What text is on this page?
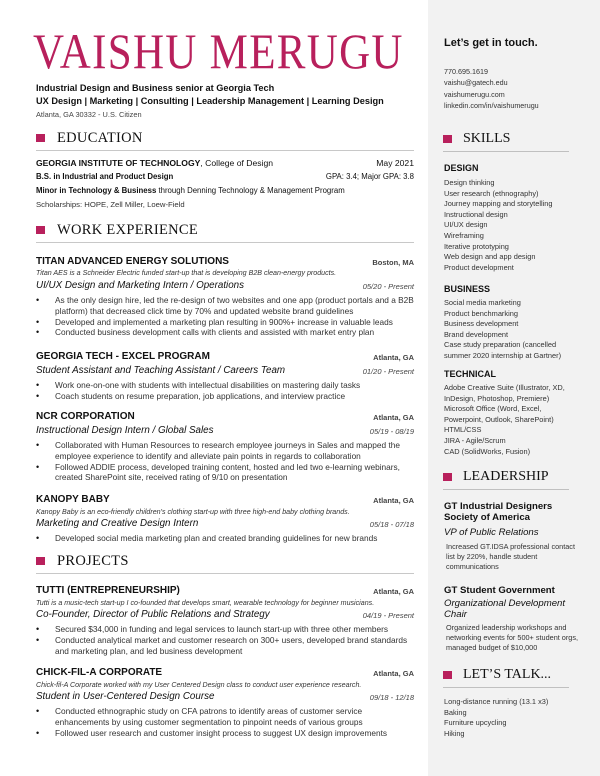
VAISHU MERUGU
Industrial Design and Business senior at Georgia Tech
UX Design | Marketing | Consulting | Leadership Management | Learning Design
Atlanta, GA 30332 - U.S. Citizen
EDUCATION
GEORGIA INSTITUTE OF TECHNOLOGY, College of Design	May 2021
B.S. in Industrial and Product Design	GPA: 3.4; Major GPA: 3.8
Minor in Technology & Business through Denning Technology & Management Program
Scholarships: HOPE, Zell Miller, Loew-Field
WORK EXPERIENCE
TITAN ADVANCED ENERGY SOLUTIONS	Boston, MA
Titan AES is a Schneider Electric funded start-up that is developing B2B clean-energy products.
UI/UX Design and Marketing Intern / Operations	05/20 - Present
• As the only design hire, led the re-design of two websites and one app (product portals and a B2B platform) that decreased click time by 70% and updated website brand guidelines
• Developed and implemented a marketing plan resulting in 900%+ increase in valuable leads
• Conducted business development calls with clients and assisted with market entry plan
GEORGIA TECH - EXCEL PROGRAM	Atlanta, GA
Student Assistant and Teaching Assistant / Careers Team	01/20 - Present
• Work one-on-one with students with intellectual disabilities on mastering daily tasks
• Coach students on resume preparation, job applications, and interview practice
NCR CORPORATION	Atlanta, GA
Instructional Design Intern / Global Sales	05/19 - 08/19
• Collaborated with Human Resources to research employee journeys in Sales and mapped the employee experience to identify and alleviate pain points in regards to collaboration
• Followed ADDIE process, developed training content, hosted and led two e-learning webinars, created SharePoint site, received rating of 9/10 on presentation
KANOPY BABY	Atlanta, GA
Kanopy Baby is an eco-friendly children's clothing start-up with three high-end baby clothing brands.
Marketing and Creative Design Intern	05/18 - 07/18
• Developed social media marketing plan and created branding guidelines for new brands
PROJECTS
TUTTI (ENTREPRENEURSHIP)	Atlanta, GA
Tutti is a music-tech start-up I co-founded that develops smart, wearable technology for beginner musicians.
Co-Founder, Director of Public Relations and Strategy	04/19 - Present
• Secured $34,000 in funding and legal services to launch start-up with three other members
• Conducted analytical market and customer research on 300+ users, developed brand standards and marketing plan, and led business development
CHICK-FIL-A CORPORATE	Atlanta, GA
Chick-fil-A Corporate worked with my User Centered Design class to conduct user experience research.
Student in User-Centered Design Course	09/18 - 12/18
• Conducted ethnographic study on CFA patrons to identify areas of customer service enhancements by using customer segmentation to pinpoint needs of various groups
• Followed user research and customer insight process to suggest UX design improvements
Let’s get in touch.
770.695.1619
vaishu@gatech.edu
vaishumerugu.com
linkedin.com/in/vaishumerugu
SKILLS
DESIGN
Design thinking
User research (ethnography)
Journey mapping and storytelling
Instructional design
UI/UX design
Wireframing
Iterative prototyping
Web design and app design
Product development
BUSINESS
Social media marketing
Product benchmarking
Business development
Brand development
Case study preparation (cancelled summer 2020 internship at Gartner)
TECHNICAL
Adobe Creative Suite (Illustrator, XD, InDesign, Photoshop, Premiere)
Microsoft Office (Word, Excel, Powerpoint, Outlook, SharePoint)
HTML/CSS
JIRA - Agile/Scrum
CAD (SolidWorks, Fusion)
LEADERSHIP
GT Industrial Designers Society of America
VP of Public Relations
Increased GT.IDSA professional contact list by 220%, handle student communications
GT Student Government
Organizational Development Chair
Organized leadership workshops and networking events for 500+ student orgs, managed budget of $10,000
LET’S TALK...
Long-distance running (13.1 x3)
Baking
Furniture upcycling
Hiking
